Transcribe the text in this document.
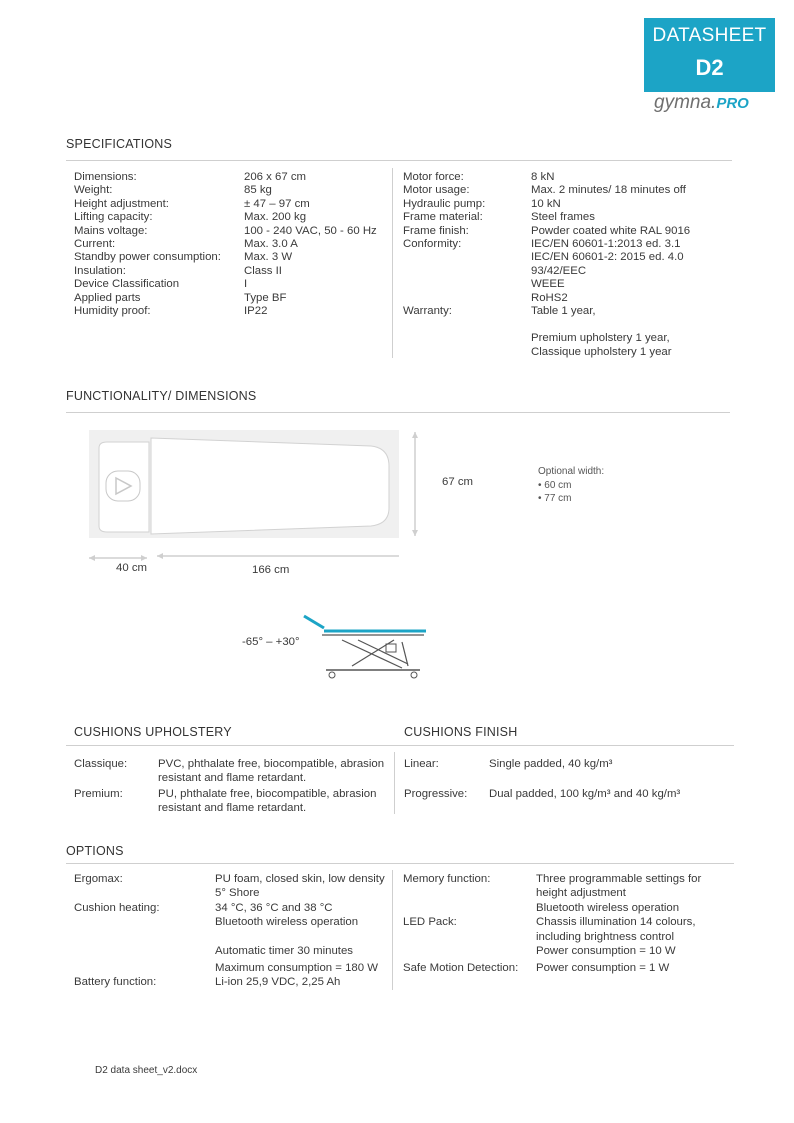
DATASHEET
D2
gymna.PRO
SPECIFICATIONS
Dimensions:	206 x 67 cm
Weight:	85 kg
Height adjustment:	± 47 – 97 cm
Lifting capacity:	Max. 200 kg
Mains voltage:	100 - 240 VAC, 50 - 60 Hz
Current:	Max. 3.0 A
Standby power consumption:	Max. 3 W
Insulation:	Class II
Device Classification	I
Applied parts	Type BF
Humidity proof:	IP22
Motor force:	8 kN
Motor usage:	Max. 2 minutes/ 18 minutes off
Hydraulic pump:	10 kN
Frame material:	Steel frames
Frame finish:	Powder coated white RAL 9016
Conformity:	IEC/EN 60601-1:2013 ed. 3.1
IEC/EN 60601-2: 2015 ed. 4.0
93/42/EEC
WEEE
RoHS2
Warranty:	Table 1 year,
Premium upholstery 1 year,
Classique upholstery 1 year
FUNCTIONALITY/ DIMENSIONS
67 cm
40 cm	166 cm
Optional width:
• 60 cm
• 77 cm
-65° – +30°
CUSHIONS UPHOLSTERY	CUSHIONS FINISH
Classique:	PVC, phthalate free, biocompatible, abrasion
resistant and flame retardant.
Premium:	PU, phthalate free, biocompatible, abrasion
resistant and flame retardant.
Linear:	Single padded, 40 kg/m³
Progressive: Dual padded, 100 kg/m³ and 40 kg/m³
OPTIONS
Ergomax:	PU foam, closed skin, low density
5° Shore
Cushion heating:	34 °C, 36 °C and 38 °C
Bluetooth wireless operation
Automatic timer 30 minutes
Maximum consumption = 180 W
Battery function:	Li-ion 25,9 VDC, 2,25 Ah
Memory function:	Three programmable settings for
height adjustment
Bluetooth wireless operation
LED Pack:	Chassis illumination 14 colours,
including brightness control
Power consumption = 10 W
Safe Motion Detection: Power consumption = 1 W
D2 data sheet_v2.docx
